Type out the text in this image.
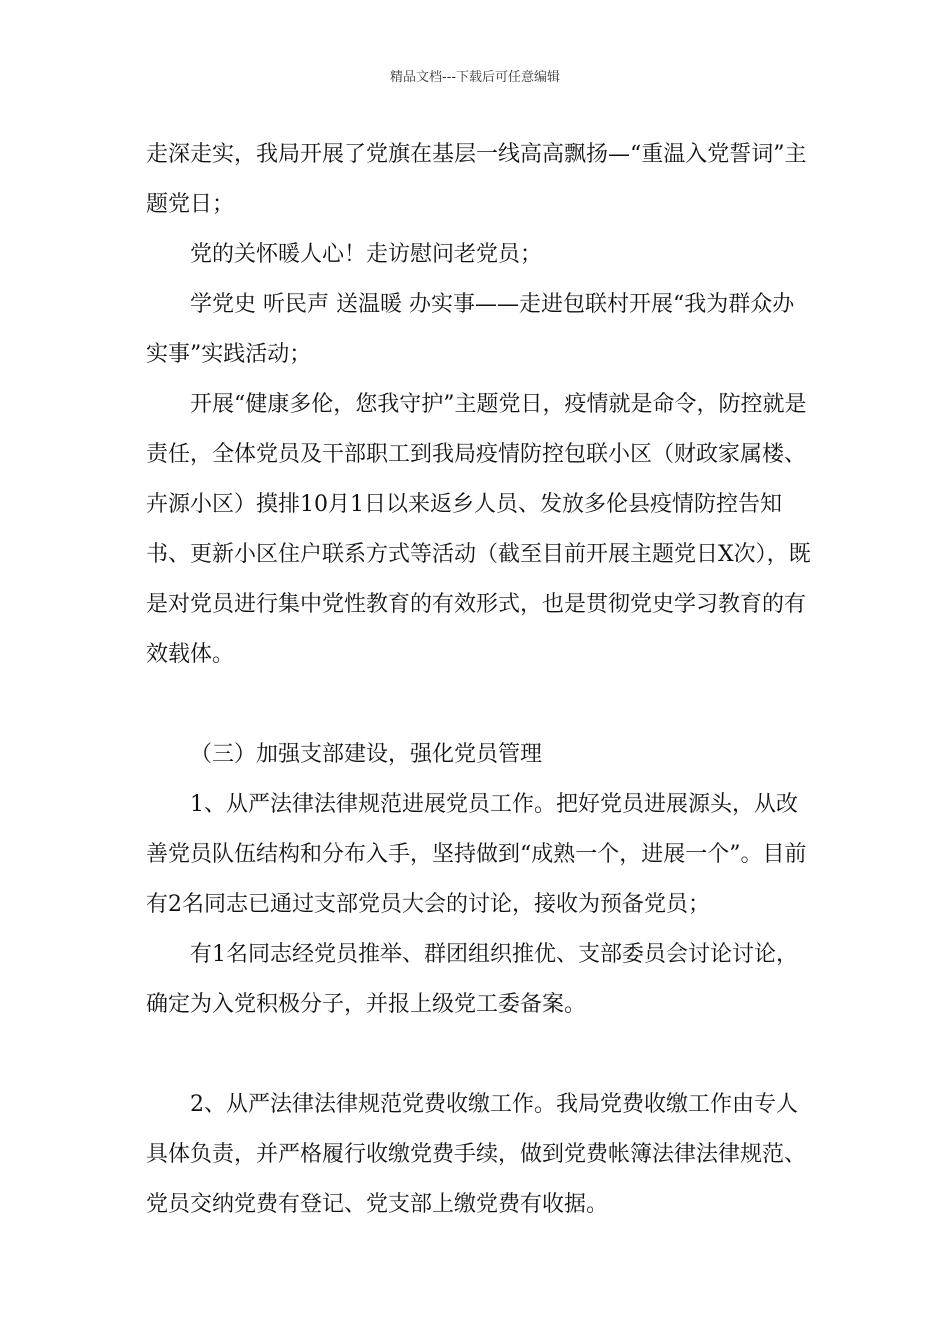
精品文档---下载后可任意编辑

走深走实，我局开展了党旗在基层一线高高飘扬—“重温入党誓词”主题党日；

党的关怀暖人心！走访慰问老党员；

学党史 听民声 送温暖 办实事——走进包联村开展“我为群众办实事”实践活动；

开展“健康多伦，您我守护”主题党日，疫情就是命令，防控就是责任，全体党员及干部职工到我局疫情防控包联小区（财政家属楼、卉源小区）摸排10月1日以来返乡人员、发放多伦县疫情防控告知书、更新小区住户联系方式等活动（截至目前开展主题党日X次），既是对党员进行集中党性教育的有效形式，也是贯彻党史学习教育的有效载体。

（三）加强支部建设，强化党员管理

1、从严法律法律规范进展党员工作。把好党员进展源头，从改善党员队伍结构和分布入手，坚持做到“成熟一个，进展一个”。目前有2名同志已通过支部党员大会的讨论，接收为预备党员；

有1名同志经党员推举、群团组织推优、支部委员会讨论讨论，确定为入党积极分子，并报上级党工委备案。

2、从严法律法律规范党费收缴工作。我局党费收缴工作由专人具体负责，并严格履行收缴党费手续，做到党费帐簿法律法律规范、党员交纳党费有登记、党支部上缴党费有收据。
